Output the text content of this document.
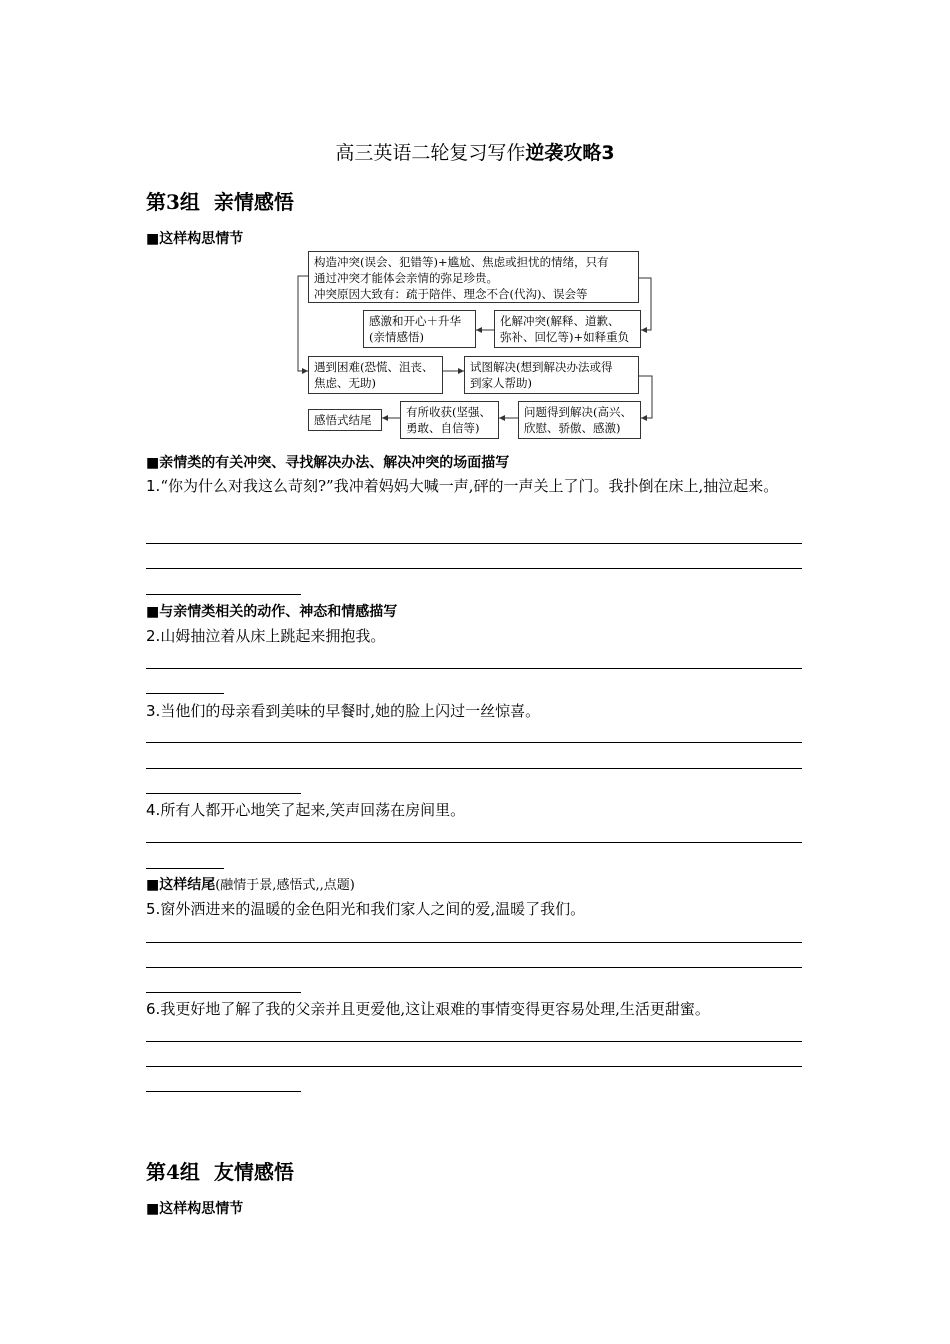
高三英语二轮复习写作逆袭攻略3
第3组 亲情感悟
■这样构思情节
构造冲突(误会、犯错等)+尴尬、焦虑或担忧的情绪，只有
通过冲突才能体会亲情的弥足珍贵。
冲突原因大致有：疏于陪伴、理念不合(代沟)、误会等
感激和开心＋升华
(亲情感悟)
化解冲突(解释、道歉、
弥补、回忆等)+如释重负
遇到困难(恐慌、沮丧、
焦虑、无助)
试图解决(想到解决办法或得
到家人帮助)
感悟式结尾
有所收获(坚强、
勇敢、自信等)
问题得到解决(高兴、
欣慰、骄傲、感激)
■亲情类的有关冲突、寻找解决办法、解决冲突的场面描写
1.“你为什么对我这么苛刻?”我冲着妈妈大喊一声,砰的一声关上了门。我扑倒在床上,抽泣起来。
■与亲情类相关的动作、神态和情感描写
2.山姆抽泣着从床上跳起来拥抱我。
3.当他们的母亲看到美味的早餐时,她的脸上闪过一丝惊喜。
4.所有人都开心地笑了起来,笑声回荡在房间里。
■这样结尾(融情于景,感悟式,,点题)
5.窗外洒进来的温暖的金色阳光和我们家人之间的爱,温暖了我们。
6.我更好地了解了我的父亲并且更爱他,这让艰难的事情变得更容易处理,生活更甜蜜。
第4组 友情感悟
■这样构思情节
